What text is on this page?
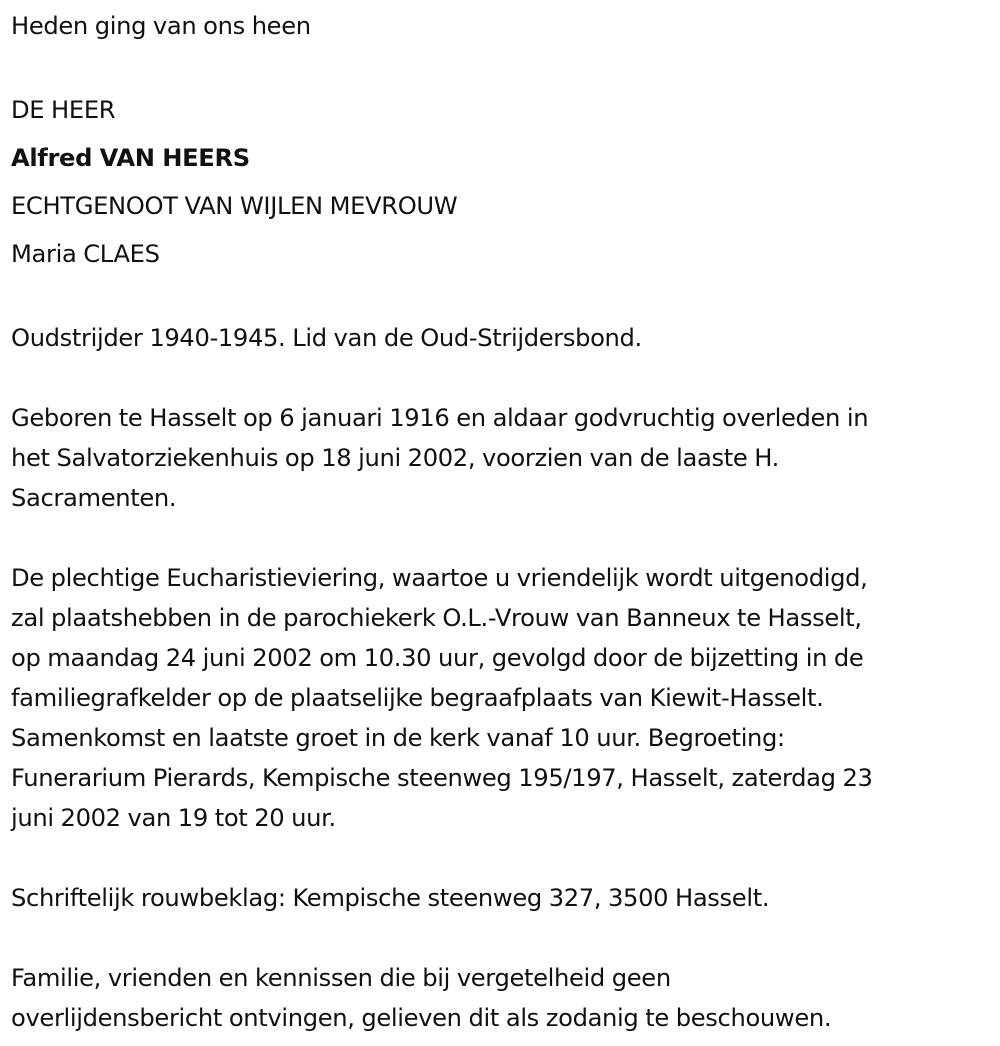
Heden ging van ons heen
DE HEER
Alfred VAN HEERS
ECHTGENOOT VAN WIJLEN MEVROUW
Maria CLAES
Oudstrijder 1940-1945. Lid van de Oud-Strijdersbond.
Geboren te Hasselt op 6 januari 1916 en aldaar godvruchtig overleden in
het Salvatorziekenhuis op 18 juni 2002, voorzien van de laaste H.
Sacramenten.
De plechtige Eucharistieviering, waartoe u vriendelijk wordt uitgenodigd,
zal plaatshebben in de parochiekerk O.L.-Vrouw van Banneux te Hasselt,
op maandag 24 juni 2002 om 10.30 uur, gevolgd door de bijzetting in de
familiegrafkelder op de plaatselijke begraafplaats van Kiewit-Hasselt.
Samenkomst en laatste groet in de kerk vanaf 10 uur. Begroeting:
Funerarium Pierards, Kempische steenweg 195/197, Hasselt, zaterdag 23
juni 2002 van 19 tot 20 uur.
Schriftelijk rouwbeklag: Kempische steenweg 327, 3500 Hasselt.
Familie, vrienden en kennissen die bij vergetelheid geen
overlijdensbericht ontvingen, gelieven dit als zodanig te beschouwen.
